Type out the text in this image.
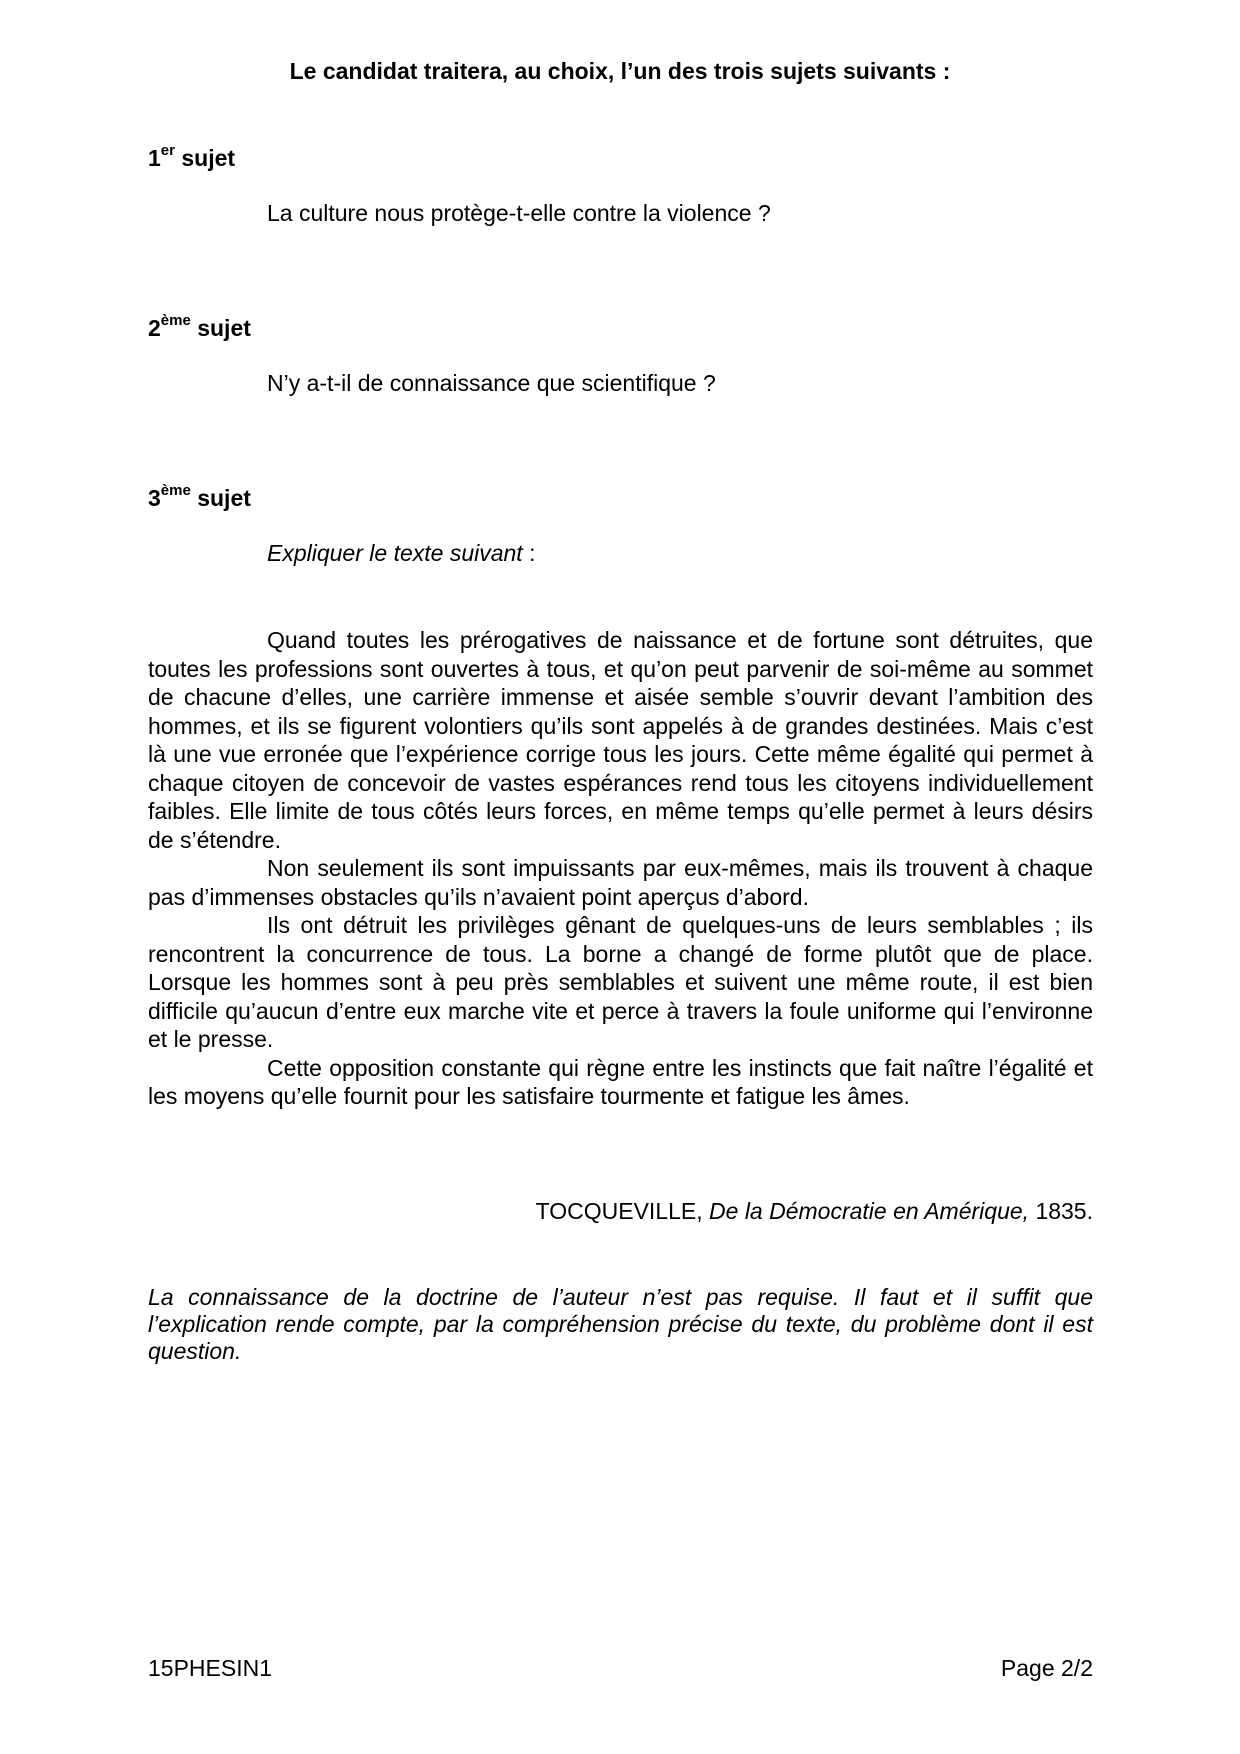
Le candidat traitera, au choix, l’un des trois sujets suivants :
1er sujet
La culture nous protège-t-elle contre la violence ?
2ème sujet
N’y a-t-il de connaissance que scientifique ?
3ème sujet
Expliquer le texte suivant :

Quand toutes les prérogatives de naissance et de fortune sont détruites, que toutes les professions sont ouvertes à tous, et qu’on peut parvenir de soi-même au sommet de chacune d’elles, une carrière immense et aisée semble s’ouvrir devant l’ambition des hommes, et ils se figurent volontiers qu’ils sont appelés à de grandes destinées. Mais c’est là une vue erronée que l’expérience corrige tous les jours. Cette même égalité qui permet à chaque citoyen de concevoir de vastes espérances rend tous les citoyens individuellement faibles. Elle limite de tous côtés leurs forces, en même temps qu’elle permet à leurs désirs de s’étendre.

Non seulement ils sont impuissants par eux-mêmes, mais ils trouvent à chaque pas d’immenses obstacles qu’ils n’avaient point aperçus d’abord.

Ils ont détruit les privilèges gênant de quelques-uns de leurs semblables ; ils rencontrent la concurrence de tous. La borne a changé de forme plutôt que de place. Lorsque les hommes sont à peu près semblables et suivent une même route, il est bien difficile qu’aucun d’entre eux marche vite et perce à travers la foule uniforme qui l’environne et le presse.

Cette opposition constante qui règne entre les instincts que fait naître l’égalité et les moyens qu’elle fournit pour les satisfaire tourmente et fatigue les âmes.

TOCQUEVILLE, De la Démocratie en Amérique, 1835.
La connaissance de la doctrine de l’auteur n’est pas requise. Il faut et il suffit que l’explication rende compte, par la compréhension précise du texte, du problème dont il est question.
15PHESIN1	Page 2/2
